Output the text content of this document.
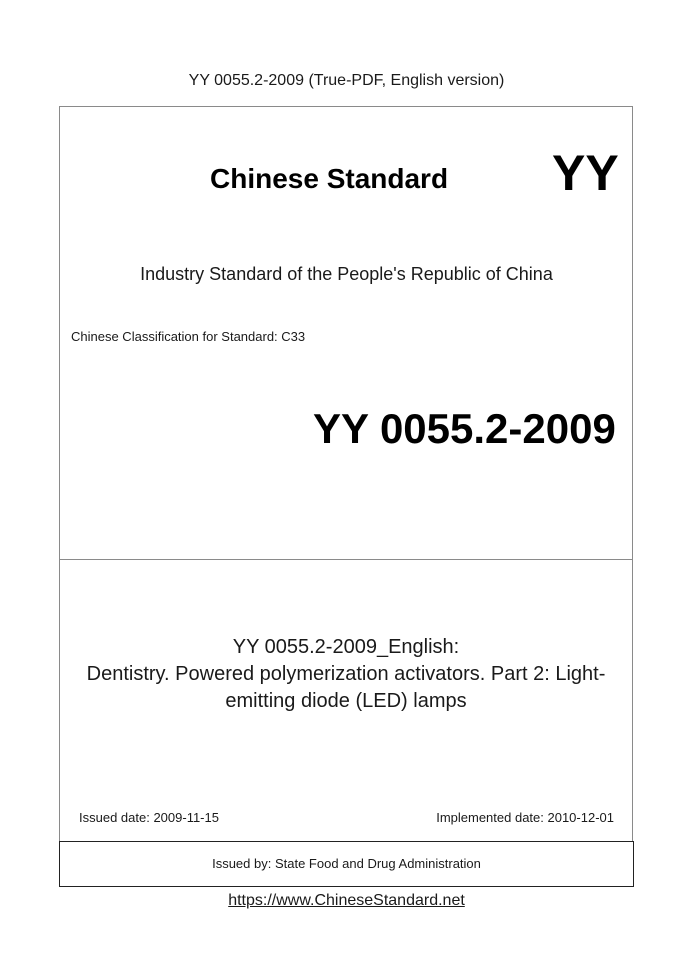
YY 0055.2-2009 (True-PDF, English version)
Chinese Standard YY
Industry Standard of the People's Republic of China
Chinese Classification for Standard: C33
YY 0055.2-2009
YY 0055.2-2009_English:
Dentistry. Powered polymerization activators. Part 2: Light-
emitting diode (LED) lamps
Issued date: 2009-11-15	Implemented date: 2010-12-01
Issued by: State Food and Drug Administration
https://www.ChineseStandard.net
